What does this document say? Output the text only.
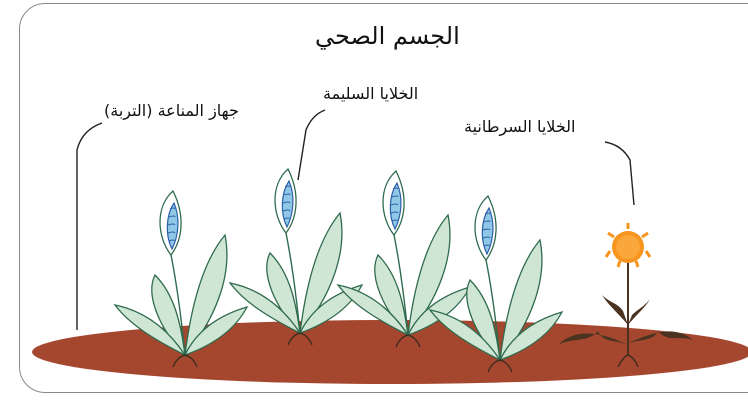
الجسم الصحي
جهاز المناعة (التربة)
الخلايا السليمة
الخلايا السرطانية
